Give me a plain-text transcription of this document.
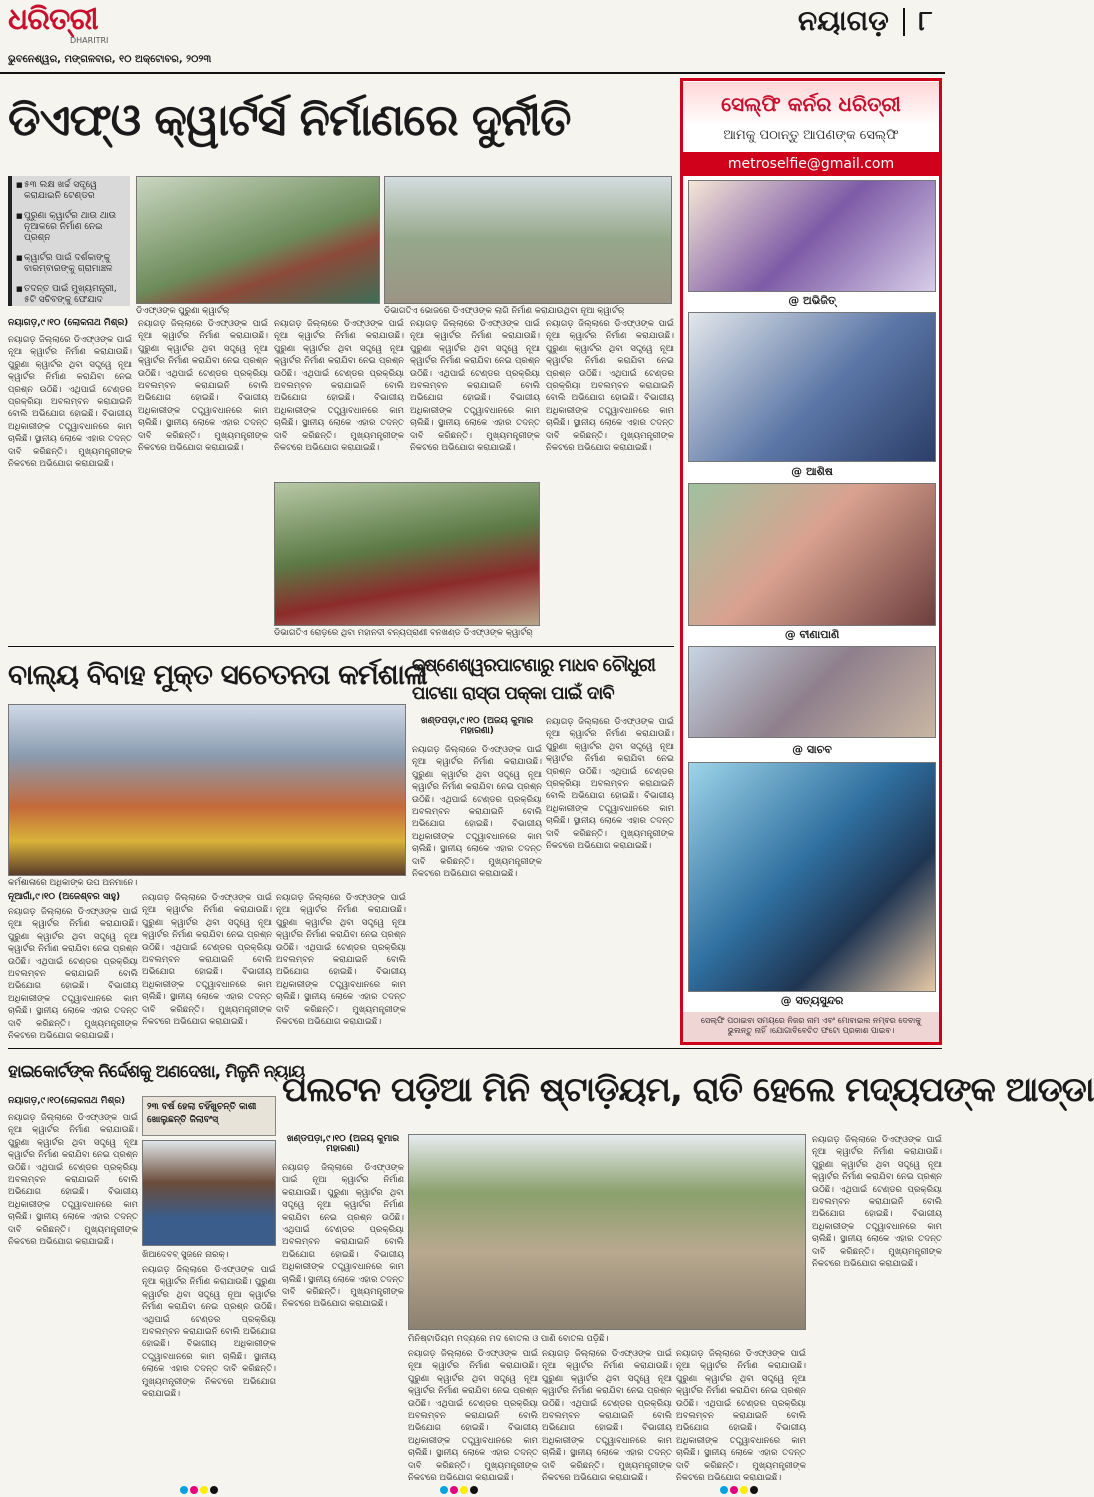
ଧରିତ୍ରୀ
DHARITRI
ଭୁବନେଶ୍ୱର, ମଙ୍ଗଳବାର, ୧୦ ଅକ୍ଟୋବର, ୨୦୨୩
ନୟାଗଡ଼ ୮
ଡିଏଫ୍‌ଓ କ୍ୱାର୍ଟର୍ସ ନିର୍ମାଣରେ ଦୁର୍ନୀତି
■ ୫୩ ଲକ୍ଷ ଖର୍ଚ୍ଚ ସତ୍ତ୍ୱେ କରାଯାଇନି ଟେଣ୍ଡର
■ ପୁରୁଣା କ୍ୱାର୍ଟର ଥାଉ ଥାଉ ନୂଆକରେ ନିର୍ମାଣ ନେଇ ପ୍ରଶ୍ନ
■ କ୍ୱାର୍ଟର ପାଇଁ ଦର୍ଶକାଙ୍କୁ ବାରମ୍ବାରଙ୍କୁ ଗ୍ରାମାଞ୍ଚଳ
■ ତଦନ୍ତ ପାଇଁ ମୁଖ୍ୟମନ୍ତ୍ରୀ, ୫ଟି ସଚିବଙ୍କୁ ଫେଯାଦ
ଡିଏଫ୍‌ଓଙ୍କ ପୁରୁଣା କ୍ୱାର୍ଟର୍	ଡିଭାଗତିଏ ଭୋଜରେ ଡିଏଫ୍‌ଓଙ୍କ ଲାଗି ନିର୍ମାଣ କରାଯାଉଥିବା ନୂଆ କ୍ୱାର୍ଟର୍
ନୟାଗଡ଼,୯।୧୦ (ଲୋକନାଥ ମିଶ୍ର)
ନୟାଗଡ଼ ଜିଲ୍ଲାରେ ଡିଏଫ୍‌ଓଙ୍କ ପାଇଁ ନୂଆ କ୍ୱାର୍ଟର ନିର୍ମାଣ କରାଯାଉଛି। ପୁରୁଣା କ୍ୱାର୍ଟର ଥିବା ସତ୍ତ୍ୱେ ନୂଆ କ୍ୱାର୍ଟର ନିର୍ମାଣ କରାଯିବା ନେଇ ପ୍ରଶ୍ନ ଉଠିଛି। ଏଥିପାଇଁ ଟେଣ୍ଡର ପ୍ରକ୍ରିୟା ଅବଲମ୍ବନ କରାଯାଇନି ବୋଲି ଅଭିଯୋଗ ହୋଇଛି। ବିଭାଗୀୟ ଅଧିକାରୀଙ୍କ ତତ୍ତ୍ୱାବଧାନରେ କାମ ଚାଲିଛି। ସ୍ଥାନୀୟ ଲୋକେ ଏହାର ତଦନ୍ତ ଦାବି କରିଛନ୍ତି। ମୁଖ୍ୟମନ୍ତ୍ରୀଙ୍କ ନିକଟରେ ଅଭିଯୋଗ କରାଯାଇଛି।
ନୟାଗଡ଼ ଜିଲ୍ଲାରେ ଡିଏଫ୍‌ଓଙ୍କ ପାଇଁ ନୂଆ କ୍ୱାର୍ଟର ନିର୍ମାଣ କରାଯାଉଛି। ପୁରୁଣା କ୍ୱାର୍ଟର ଥିବା ସତ୍ତ୍ୱେ ନୂଆ କ୍ୱାର୍ଟର ନିର୍ମାଣ କରାଯିବା ନେଇ ପ୍ରଶ୍ନ ଉଠିଛି। ଏଥିପାଇଁ ଟେଣ୍ଡର ପ୍ରକ୍ରିୟା ଅବଲମ୍ବନ କରାଯାଇନି ବୋଲି ଅଭିଯୋଗ ହୋଇଛି। ବିଭାଗୀୟ ଅଧିକାରୀଙ୍କ ତତ୍ତ୍ୱାବଧାନରେ କାମ ଚାଲିଛି। ସ୍ଥାନୀୟ ଲୋକେ ଏହାର ତଦନ୍ତ ଦାବି କରିଛନ୍ତି। ମୁଖ୍ୟମନ୍ତ୍ରୀଙ୍କ ନିକଟରେ ଅଭିଯୋଗ କରାଯାଇଛି।
ନୟାଗଡ଼ ଜିଲ୍ଲାରେ ଡିଏଫ୍‌ଓଙ୍କ ପାଇଁ ନୂଆ କ୍ୱାର୍ଟର ନିର୍ମାଣ କରାଯାଉଛି। ପୁରୁଣା କ୍ୱାର୍ଟର ଥିବା ସତ୍ତ୍ୱେ ନୂଆ କ୍ୱାର୍ଟର ନିର୍ମାଣ କରାଯିବା ନେଇ ପ୍ରଶ୍ନ ଉଠିଛି। ଏଥିପାଇଁ ଟେଣ୍ଡର ପ୍ରକ୍ରିୟା ଅବଲମ୍ବନ କରାଯାଇନି ବୋଲି ଅଭିଯୋଗ ହୋଇଛି। ବିଭାଗୀୟ ଅଧିକାରୀଙ୍କ ତତ୍ତ୍ୱାବଧାନରେ କାମ ଚାଲିଛି। ସ୍ଥାନୀୟ ଲୋକେ ଏହାର ତଦନ୍ତ ଦାବି କରିଛନ୍ତି। ମୁଖ୍ୟମନ୍ତ୍ରୀଙ୍କ ନିକଟରେ ଅଭିଯୋଗ କରାଯାଇଛି।
ନୟାଗଡ଼ ଜିଲ୍ଲାରେ ଡିଏଫ୍‌ଓଙ୍କ ପାଇଁ ନୂଆ କ୍ୱାର୍ଟର ନିର୍ମାଣ କରାଯାଉଛି। ପୁରୁଣା କ୍ୱାର୍ଟର ଥିବା ସତ୍ତ୍ୱେ ନୂଆ କ୍ୱାର୍ଟର ନିର୍ମାଣ କରାଯିବା ନେଇ ପ୍ରଶ୍ନ ଉଠିଛି। ଏଥିପାଇଁ ଟେଣ୍ଡର ପ୍ରକ୍ରିୟା ଅବଲମ୍ବନ କରାଯାଇନି ବୋଲି ଅଭିଯୋଗ ହୋଇଛି। ବିଭାଗୀୟ ଅଧିକାରୀଙ୍କ ତତ୍ତ୍ୱାବଧାନରେ କାମ ଚାଲିଛି। ସ୍ଥାନୀୟ ଲୋକେ ଏହାର ତଦନ୍ତ ଦାବି କରିଛନ୍ତି। ମୁଖ୍ୟମନ୍ତ୍ରୀଙ୍କ ନିକଟରେ ଅଭିଯୋଗ କରାଯାଇଛି।
ନୟାଗଡ଼ ଜିଲ୍ଲାରେ ଡିଏଫ୍‌ଓଙ୍କ ପାଇଁ ନୂଆ କ୍ୱାର୍ଟର ନିର୍ମାଣ କରାଯାଉଛି। ପୁରୁଣା କ୍ୱାର୍ଟର ଥିବା ସତ୍ତ୍ୱେ ନୂଆ କ୍ୱାର୍ଟର ନିର୍ମାଣ କରାଯିବା ନେଇ ପ୍ରଶ୍ନ ଉଠିଛି। ଏଥିପାଇଁ ଟେଣ୍ଡର ପ୍ରକ୍ରିୟା ଅବଲମ୍ବନ କରାଯାଇନି ବୋଲି ଅଭିଯୋଗ ହୋଇଛି। ବିଭାଗୀୟ ଅଧିକାରୀଙ୍କ ତତ୍ତ୍ୱାବଧାନରେ କାମ ଚାଲିଛି। ସ୍ଥାନୀୟ ଲୋକେ ଏହାର ତଦନ୍ତ ଦାବି କରିଛନ୍ତି। ମୁଖ୍ୟମନ୍ତ୍ରୀଙ୍କ ନିକଟରେ ଅଭିଯୋଗ କରାଯାଇଛି।
ଡିଭାଗତିଏ ରୋଡ଼ରେ ଥିବା ମହାନଦୀ ବନ୍ୟପ୍ରାଣୀ ବନଖଣ୍ଡ ଡିଏଫ୍‌ଓଙ୍କ କ୍ୱାର୍ଟର୍
ସେଲ୍‌ଫି କର୍ନର ଧରିତ୍ରୀ
ଆମକୁ ପଠାନ୍ତୁ ଆପଣଙ୍କ ସେଲ୍‌ଫି
metroselfie@gmail.com
@ ଅଭିଜିତ୍
@ ଆଶିଷ
@ ବୀଣାପାଣି
@ ସାଚବ
@ ସତ୍ୟସୁନ୍ଦର
ସେଲ୍‌ଫି ପଠାଇବା ସମୟରେ ନିଜର ନାମ ଏବଂ ମୋବାଇଲ ନମ୍ବର ଦେବାକୁ ଭୁଲନ୍ତୁ ନାହିଁ ।ଯୋଗାବିବେଚିତ ଫଟୋ ପ୍ରକାଶ ପାଇବ।
ବାଲ୍ୟ ବିବାହ ମୁକ୍ତ ସଚେତନତା କର୍ମଶାଳା
କର୍ମଶାଳାରେ ଅଧିକାଙ୍କ ଉପ ଅନମାନେ।
ନୂଆଗାଁ,୯।୧୦ (ଅଜେଶ୍ବର ସାହୁ)
ନୟାଗଡ଼ ଜିଲ୍ଲାରେ ଡିଏଫ୍‌ଓଙ୍କ ପାଇଁ ନୂଆ କ୍ୱାର୍ଟର ନିର୍ମାଣ କରାଯାଉଛି। ପୁରୁଣା କ୍ୱାର୍ଟର ଥିବା ସତ୍ତ୍ୱେ ନୂଆ କ୍ୱାର୍ଟର ନିର୍ମାଣ କରାଯିବା ନେଇ ପ୍ରଶ୍ନ ଉଠିଛି। ଏଥିପାଇଁ ଟେଣ୍ଡର ପ୍ରକ୍ରିୟା ଅବଲମ୍ବନ କରାଯାଇନି ବୋଲି ଅଭିଯୋଗ ହୋଇଛି। ବିଭାଗୀୟ ଅଧିକାରୀଙ୍କ ତତ୍ତ୍ୱାବଧାନରେ କାମ ଚାଲିଛି। ସ୍ଥାନୀୟ ଲୋକେ ଏହାର ତଦନ୍ତ ଦାବି କରିଛନ୍ତି। ମୁଖ୍ୟମନ୍ତ୍ରୀଙ୍କ ନିକଟରେ ଅଭିଯୋଗ କରାଯାଇଛି।
ନୟାଗଡ଼ ଜିଲ୍ଲାରେ ଡିଏଫ୍‌ଓଙ୍କ ପାଇଁ ନୂଆ କ୍ୱାର୍ଟର ନିର୍ମାଣ କରାଯାଉଛି। ପୁରୁଣା କ୍ୱାର୍ଟର ଥିବା ସତ୍ତ୍ୱେ ନୂଆ କ୍ୱାର୍ଟର ନିର୍ମାଣ କରାଯିବା ନେଇ ପ୍ରଶ୍ନ ଉଠିଛି। ଏଥିପାଇଁ ଟେଣ୍ଡର ପ୍ରକ୍ରିୟା ଅବଲମ୍ବନ କରାଯାଇନି ବୋଲି ଅଭିଯୋଗ ହୋଇଛି। ବିଭାଗୀୟ ଅଧିକାରୀଙ୍କ ତତ୍ତ୍ୱାବଧାନରେ କାମ ଚାଲିଛି। ସ୍ଥାନୀୟ ଲୋକେ ଏହାର ତଦନ୍ତ ଦାବି କରିଛନ୍ତି। ମୁଖ୍ୟମନ୍ତ୍ରୀଙ୍କ ନିକଟରେ ଅଭିଯୋଗ କରାଯାଇଛି।
ନୟାଗଡ଼ ଜିଲ୍ଲାରେ ଡିଏଫ୍‌ଓଙ୍କ ପାଇଁ ନୂଆ କ୍ୱାର୍ଟର ନିର୍ମାଣ କରାଯାଉଛି। ପୁରୁଣା କ୍ୱାର୍ଟର ଥିବା ସତ୍ତ୍ୱେ ନୂଆ କ୍ୱାର୍ଟର ନିର୍ମାଣ କରାଯିବା ନେଇ ପ୍ରଶ୍ନ ଉଠିଛି। ଏଥିପାଇଁ ଟେଣ୍ଡର ପ୍ରକ୍ରିୟା ଅବଲମ୍ବନ କରାଯାଇନି ବୋଲି ଅଭିଯୋଗ ହୋଇଛି। ବିଭାଗୀୟ ଅଧିକାରୀଙ୍କ ତତ୍ତ୍ୱାବଧାନରେ କାମ ଚାଲିଛି। ସ୍ଥାନୀୟ ଲୋକେ ଏହାର ତଦନ୍ତ ଦାବି କରିଛନ୍ତି। ମୁଖ୍ୟମନ୍ତ୍ରୀଙ୍କ ନିକଟରେ ଅଭିଯୋଗ କରାଯାଇଛି।
କୃଷ୍ଣେଶ୍ୱରପାଟଣାରୁ ମାଧବ ଚୌଧୁରୀ
ପାଟଣା ରାସ୍ତା ପକ୍କା ପାଇଁ ଦାବି
ଖଣ୍ଡପଡ଼ା,୯।୧୦ (ଅଜୟ କୁମାର ମହାରଣା)
ନୟାଗଡ଼ ଜିଲ୍ଲାରେ ଡିଏଫ୍‌ଓଙ୍କ ପାଇଁ ନୂଆ କ୍ୱାର୍ଟର ନିର୍ମାଣ କରାଯାଉଛି। ପୁରୁଣା କ୍ୱାର୍ଟର ଥିବା ସତ୍ତ୍ୱେ ନୂଆ କ୍ୱାର୍ଟର ନିର୍ମାଣ କରାଯିବା ନେଇ ପ୍ରଶ୍ନ ଉଠିଛି। ଏଥିପାଇଁ ଟେଣ୍ଡର ପ୍ରକ୍ରିୟା ଅବଲମ୍ବନ କରାଯାଇନି ବୋଲି ଅଭିଯୋଗ ହୋଇଛି। ବିଭାଗୀୟ ଅଧିକାରୀଙ୍କ ତତ୍ତ୍ୱାବଧାନରେ କାମ ଚାଲିଛି। ସ୍ଥାନୀୟ ଲୋକେ ଏହାର ତଦନ୍ତ ଦାବି କରିଛନ୍ତି। ମୁଖ୍ୟମନ୍ତ୍ରୀଙ୍କ ନିକଟରେ ଅଭିଯୋଗ କରାଯାଇଛି।
ନୟାଗଡ଼ ଜିଲ୍ଲାରେ ଡିଏଫ୍‌ଓଙ୍କ ପାଇଁ ନୂଆ କ୍ୱାର୍ଟର ନିର୍ମାଣ କରାଯାଉଛି। ପୁରୁଣା କ୍ୱାର୍ଟର ଥିବା ସତ୍ତ୍ୱେ ନୂଆ କ୍ୱାର୍ଟର ନିର୍ମାଣ କରାଯିବା ନେଇ ପ୍ରଶ୍ନ ଉଠିଛି। ଏଥିପାଇଁ ଟେଣ୍ଡର ପ୍ରକ୍ରିୟା ଅବଲମ୍ବନ କରାଯାଇନି ବୋଲି ଅଭିଯୋଗ ହୋଇଛି। ବିଭାଗୀୟ ଅଧିକାରୀଙ୍କ ତତ୍ତ୍ୱାବଧାନରେ କାମ ଚାଲିଛି। ସ୍ଥାନୀୟ ଲୋକେ ଏହାର ତଦନ୍ତ ଦାବି କରିଛନ୍ତି। ମୁଖ୍ୟମନ୍ତ୍ରୀଙ୍କ ନିକଟରେ ଅଭିଯୋଗ କରାଯାଇଛି।
ହାଇକୋର୍ଟଙ୍କ ନିର୍ଦ୍ଦେଶକୁ ଅଣଦେଖା, ମିଳୁନି ନ୍ୟାୟ
ନୟାଗଡ଼,୯।୧୦(ଲୋକନାଥ ମିଶ୍ର)
୨୩ ବର୍ଷ ହେଲା ଚହିଁଖୁଚନ୍ତି କାଶୀ ଖୋଲୁଛନ୍ତି ଜିଲାବଂସ୍
ଖିଆଦେବବ୍ ସୁଜନେ ନାରକ୍।
ନୟାଗଡ଼ ଜିଲ୍ଲାରେ ଡିଏଫ୍‌ଓଙ୍କ ପାଇଁ ନୂଆ କ୍ୱାର୍ଟର ନିର୍ମାଣ କରାଯାଉଛି। ପୁରୁଣା କ୍ୱାର୍ଟର ଥିବା ସତ୍ତ୍ୱେ ନୂଆ କ୍ୱାର୍ଟର ନିର୍ମାଣ କରାଯିବା ନେଇ ପ୍ରଶ୍ନ ଉଠିଛି। ଏଥିପାଇଁ ଟେଣ୍ଡର ପ୍ରକ୍ରିୟା ଅବଲମ୍ବନ କରାଯାଇନି ବୋଲି ଅଭିଯୋଗ ହୋଇଛି। ବିଭାଗୀୟ ଅଧିକାରୀଙ୍କ ତତ୍ତ୍ୱାବଧାନରେ କାମ ଚାଲିଛି। ସ୍ଥାନୀୟ ଲୋକେ ଏହାର ତଦନ୍ତ ଦାବି କରିଛନ୍ତି। ମୁଖ୍ୟମନ୍ତ୍ରୀଙ୍କ ନିକଟରେ ଅଭିଯୋଗ କରାଯାଇଛି।
ନୟାଗଡ଼ ଜିଲ୍ଲାରେ ଡିଏଫ୍‌ଓଙ୍କ ପାଇଁ ନୂଆ କ୍ୱାର୍ଟର ନିର୍ମାଣ କରାଯାଉଛି। ପୁରୁଣା କ୍ୱାର୍ଟର ଥିବା ସତ୍ତ୍ୱେ ନୂଆ କ୍ୱାର୍ଟର ନିର୍ମାଣ କରାଯିବା ନେଇ ପ୍ରଶ୍ନ ଉଠିଛି। ଏଥିପାଇଁ ଟେଣ୍ଡର ପ୍ରକ୍ରିୟା ଅବଲମ୍ବନ କରାଯାଇନି ବୋଲି ଅଭିଯୋଗ ହୋଇଛି। ବିଭାଗୀୟ ଅଧିକାରୀଙ୍କ ତତ୍ତ୍ୱାବଧାନରେ କାମ ଚାଲିଛି। ସ୍ଥାନୀୟ ଲୋକେ ଏହାର ତଦନ୍ତ ଦାବି କରିଛନ୍ତି। ମୁଖ୍ୟମନ୍ତ୍ରୀଙ୍କ ନିକଟରେ ଅଭିଯୋଗ କରାଯାଇଛି।
ପଲଟନ ପଡ଼ିଆ ମିନି ଷ୍ଟାଡ଼ିୟମ, ରାତି ହେଲେ ମଦ୍ୟପଙ୍କ ଆଡ୍ଡା
ଖଣ୍ଡପଡ଼ା,୯।୧୦ (ଅଜୟ କୁମାର ମହାରଣା)
ନୟାଗଡ଼ ଜିଲ୍ଲାରେ ଡିଏଫ୍‌ଓଙ୍କ ପାଇଁ ନୂଆ କ୍ୱାର୍ଟର ନିର୍ମାଣ କରାଯାଉଛି। ପୁରୁଣା କ୍ୱାର୍ଟର ଥିବା ସତ୍ତ୍ୱେ ନୂଆ କ୍ୱାର୍ଟର ନିର୍ମାଣ କରାଯିବା ନେଇ ପ୍ରଶ୍ନ ଉଠିଛି। ଏଥିପାଇଁ ଟେଣ୍ଡର ପ୍ରକ୍ରିୟା ଅବଲମ୍ବନ କରାଯାଇନି ବୋଲି ଅଭିଯୋଗ ହୋଇଛି। ବିଭାଗୀୟ ଅଧିକାରୀଙ୍କ ତତ୍ତ୍ୱାବଧାନରେ କାମ ଚାଲିଛି। ସ୍ଥାନୀୟ ଲୋକେ ଏହାର ତଦନ୍ତ ଦାବି କରିଛନ୍ତି। ମୁଖ୍ୟମନ୍ତ୍ରୀଙ୍କ ନିକଟରେ ଅଭିଯୋଗ କରାଯାଇଛି।
ମିନିଷ୍ଟାଡିୟମ ମଦ୍ୟରେ ମଦ ବୋତଲ ଓ ପାଣି ବୋତଲ ପଡ଼ିଛି।
ନୟାଗଡ଼ ଜିଲ୍ଲାରେ ଡିଏଫ୍‌ଓଙ୍କ ପାଇଁ ନୂଆ କ୍ୱାର୍ଟର ନିର୍ମାଣ କରାଯାଉଛି। ପୁରୁଣା କ୍ୱାର୍ଟର ଥିବା ସତ୍ତ୍ୱେ ନୂଆ କ୍ୱାର୍ଟର ନିର୍ମାଣ କରାଯିବା ନେଇ ପ୍ରଶ୍ନ ଉଠିଛି। ଏଥିପାଇଁ ଟେଣ୍ଡର ପ୍ରକ୍ରିୟା ଅବଲମ୍ବନ କରାଯାଇନି ବୋଲି ଅଭିଯୋଗ ହୋଇଛି। ବିଭାଗୀୟ ଅଧିକାରୀଙ୍କ ତତ୍ତ୍ୱାବଧାନରେ କାମ ଚାଲିଛି। ସ୍ଥାନୀୟ ଲୋକେ ଏହାର ତଦନ୍ତ ଦାବି କରିଛନ୍ତି। ମୁଖ୍ୟମନ୍ତ୍ରୀଙ୍କ ନିକଟରେ ଅଭିଯୋଗ କରାଯାଇଛି।
ନୟାଗଡ଼ ଜିଲ୍ଲାରେ ଡିଏଫ୍‌ଓଙ୍କ ପାଇଁ ନୂଆ କ୍ୱାର୍ଟର ନିର୍ମାଣ କରାଯାଉଛି। ପୁରୁଣା କ୍ୱାର୍ଟର ଥିବା ସତ୍ତ୍ୱେ ନୂଆ କ୍ୱାର୍ଟର ନିର୍ମାଣ କରାଯିବା ନେଇ ପ୍ରଶ୍ନ ଉଠିଛି। ଏଥିପାଇଁ ଟେଣ୍ଡର ପ୍ରକ୍ରିୟା ଅବଲମ୍ବନ କରାଯାଇନି ବୋଲି ଅଭିଯୋଗ ହୋଇଛି। ବିଭାଗୀୟ ଅଧିକାରୀଙ୍କ ତତ୍ତ୍ୱାବଧାନରେ କାମ ଚାଲିଛି। ସ୍ଥାନୀୟ ଲୋକେ ଏହାର ତଦନ୍ତ ଦାବି କରିଛନ୍ତି। ମୁଖ୍ୟମନ୍ତ୍ରୀଙ୍କ ନିକଟରେ ଅଭିଯୋଗ କରାଯାଇଛି।
ନୟାଗଡ଼ ଜିଲ୍ଲାରେ ଡିଏଫ୍‌ଓଙ୍କ ପାଇଁ ନୂଆ କ୍ୱାର୍ଟର ନିର୍ମାଣ କରାଯାଉଛି। ପୁରୁଣା କ୍ୱାର୍ଟର ଥିବା ସତ୍ତ୍ୱେ ନୂଆ କ୍ୱାର୍ଟର ନିର୍ମାଣ କରାଯିବା ନେଇ ପ୍ରଶ୍ନ ଉଠିଛି। ଏଥିପାଇଁ ଟେଣ୍ଡର ପ୍ରକ୍ରିୟା ଅବଲମ୍ବନ କରାଯାଇନି ବୋଲି ଅଭିଯୋଗ ହୋଇଛି। ବିଭାଗୀୟ ଅଧିକାରୀଙ୍କ ତତ୍ତ୍ୱାବଧାନରେ କାମ ଚାଲିଛି। ସ୍ଥାନୀୟ ଲୋକେ ଏହାର ତଦନ୍ତ ଦାବି କରିଛନ୍ତି। ମୁଖ୍ୟମନ୍ତ୍ରୀଙ୍କ ନିକଟରେ ଅଭିଯୋଗ କରାଯାଇଛି।
ନୟାଗଡ଼ ଜିଲ୍ଲାରେ ଡିଏଫ୍‌ଓଙ୍କ ପାଇଁ ନୂଆ କ୍ୱାର୍ଟର ନିର୍ମାଣ କରାଯାଉଛି। ପୁରୁଣା କ୍ୱାର୍ଟର ଥିବା ସତ୍ତ୍ୱେ ନୂଆ କ୍ୱାର୍ଟର ନିର୍ମାଣ କରାଯିବା ନେଇ ପ୍ରଶ୍ନ ଉଠିଛି। ଏଥିପାଇଁ ଟେଣ୍ଡର ପ୍ରକ୍ରିୟା ଅବଲମ୍ବନ କରାଯାଇନି ବୋଲି ଅଭିଯୋଗ ହୋଇଛି। ବିଭାଗୀୟ ଅଧିକାରୀଙ୍କ ତତ୍ତ୍ୱାବଧାନରେ କାମ ଚାଲିଛି। ସ୍ଥାନୀୟ ଲୋକେ ଏହାର ତଦନ୍ତ ଦାବି କରିଛନ୍ତି। ମୁଖ୍ୟମନ୍ତ୍ରୀଙ୍କ ନିକଟରେ ଅଭିଯୋଗ କରାଯାଇଛି।
